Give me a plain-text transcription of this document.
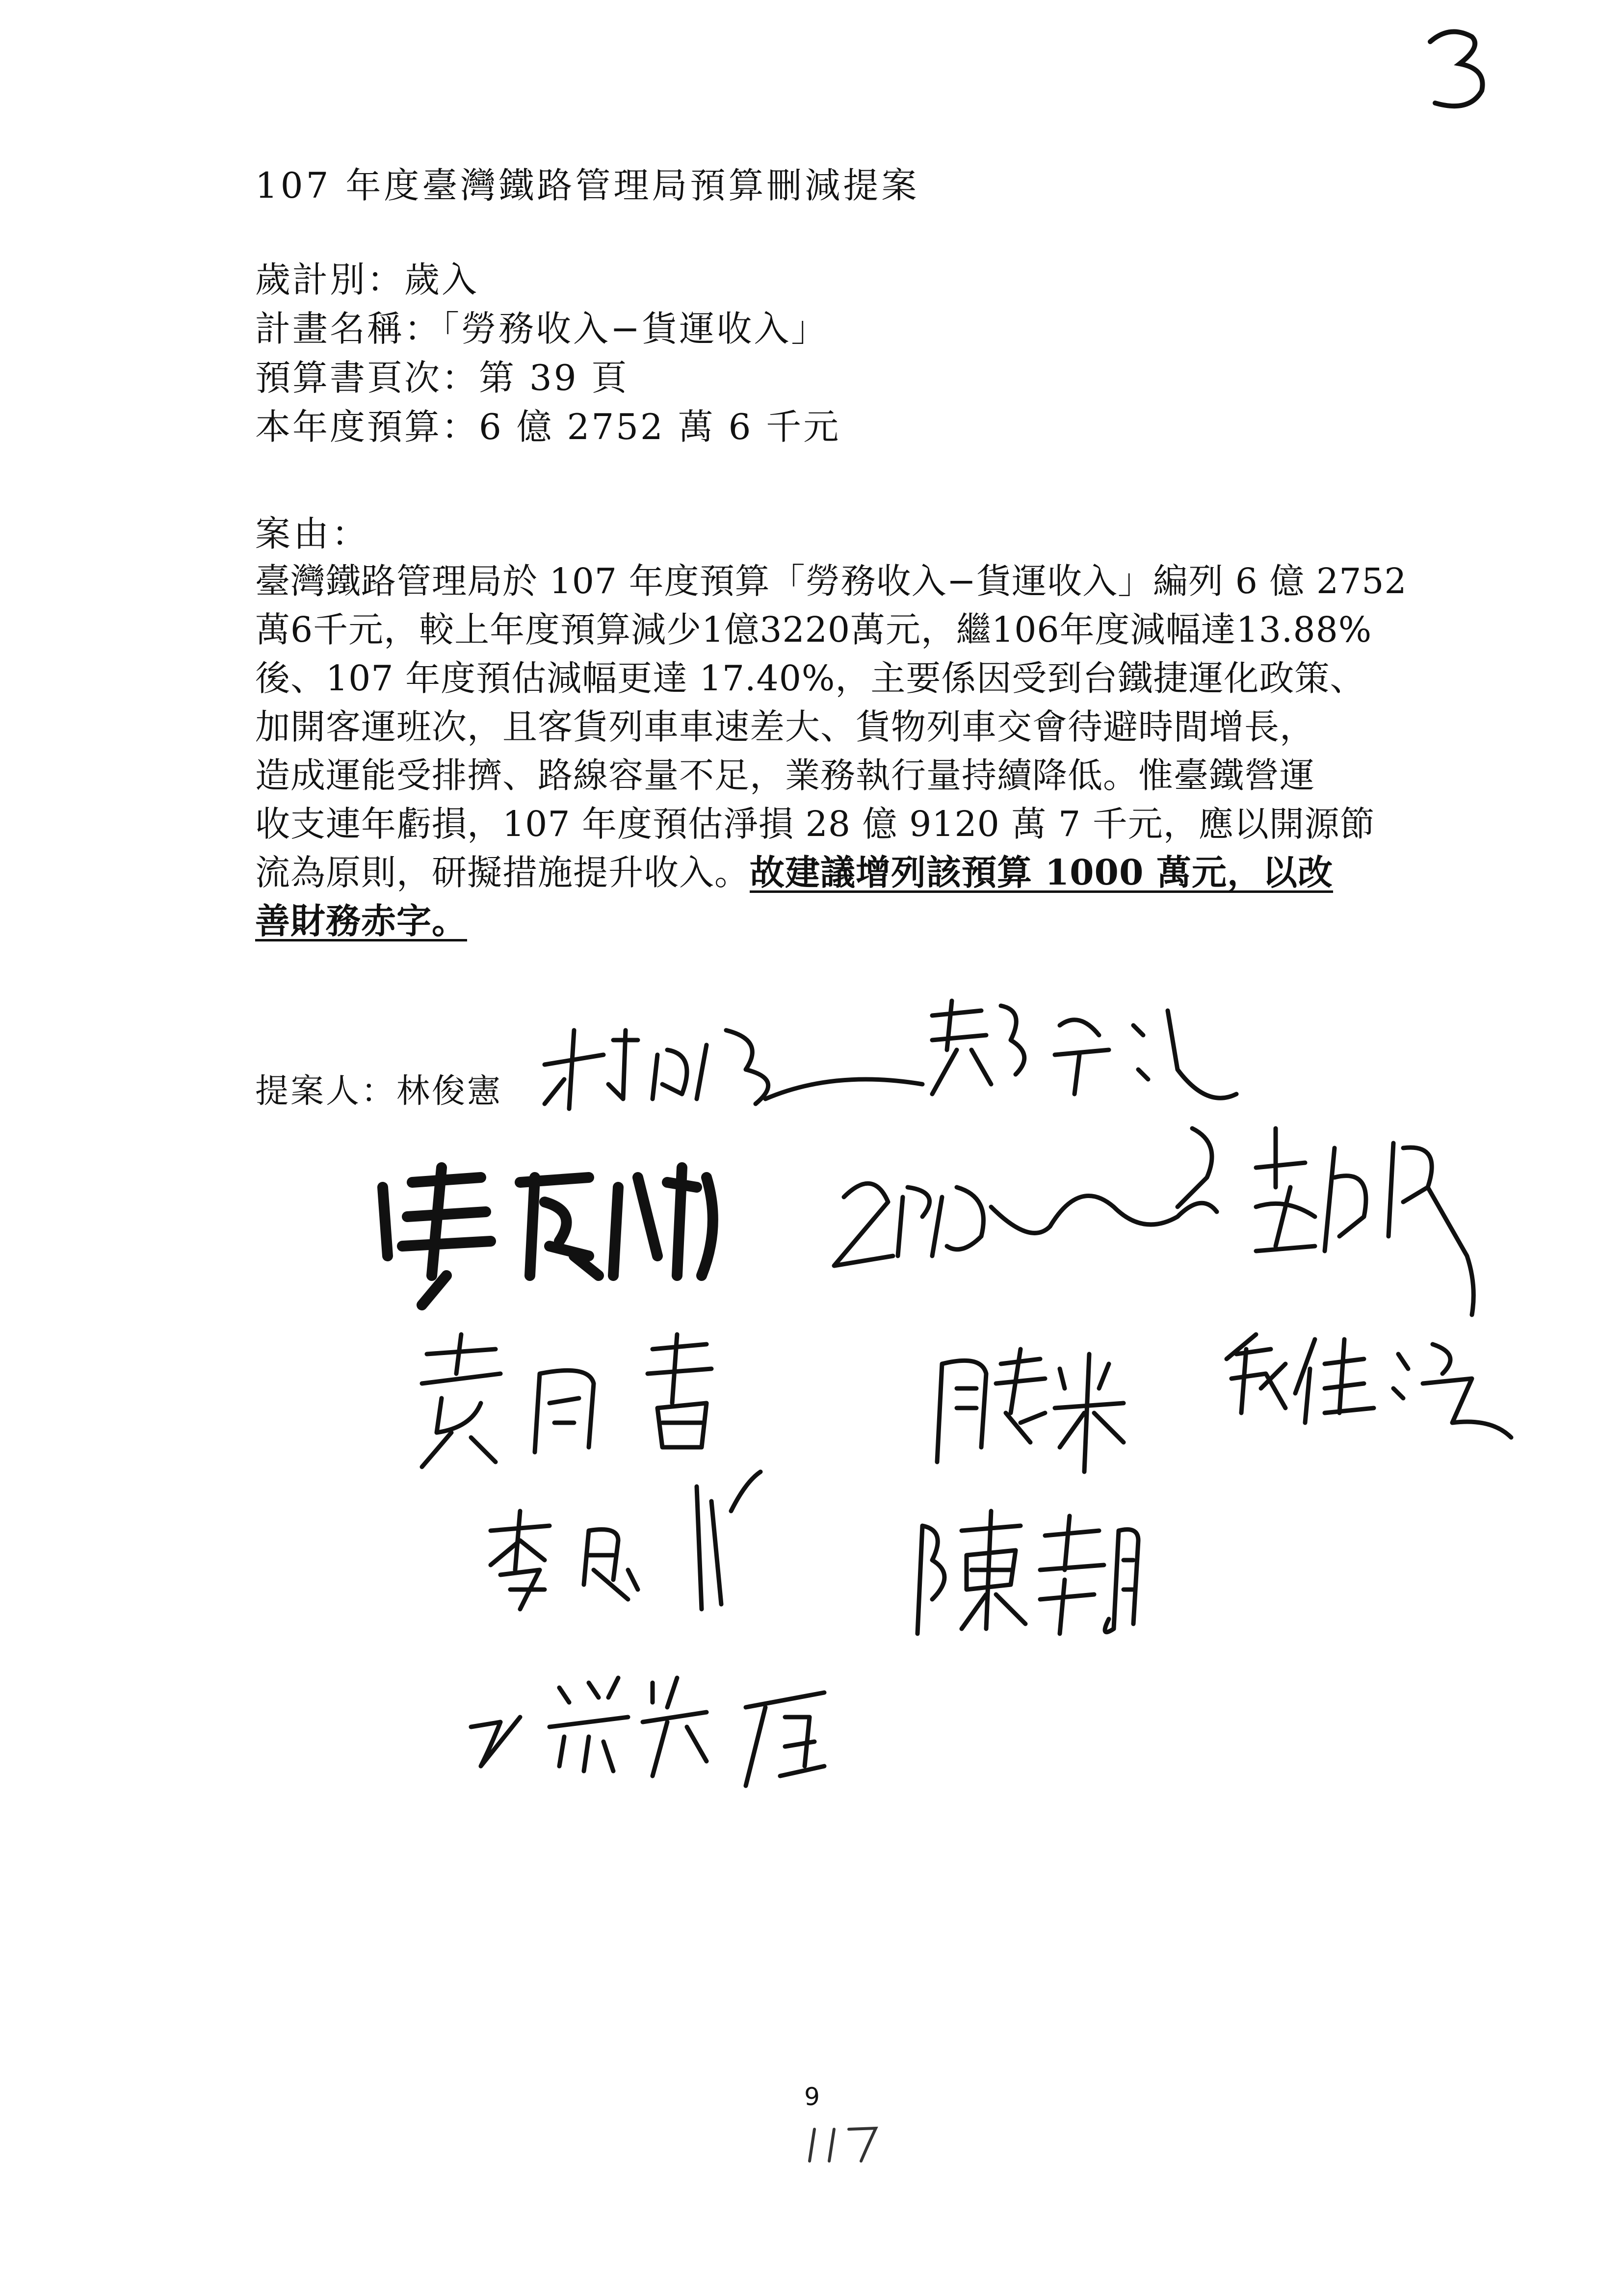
107 年度臺灣鐵路管理局預算刪減提案
歲計別：歲入
計畫名稱：「勞務收入−貨運收入」
預算書頁次：第 39 頁
本年度預算：6 億 2752 萬 6 千元
案由：
臺灣鐵路管理局於 107 年度預算「勞務收入−貨運收入」編列 6 億 2752
萬6千元，較上年度預算減少1億3220萬元，繼106年度減幅達13.88%
後、107 年度預估減幅更達 17.40%，主要係因受到台鐵捷運化政策、
加開客運班次，且客貨列車車速差大、貨物列車交會待避時間增長，
造成運能受排擠、路線容量不足，業務執行量持續降低。惟臺鐵營運
收支連年虧損，107 年度預估淨損 28 億 9120 萬 7 千元，應以開源節
流為原則，研擬措施提升收入。故建議增列該預算 1000 萬元，以改
善財務赤字。
提案人：林俊憲
9
